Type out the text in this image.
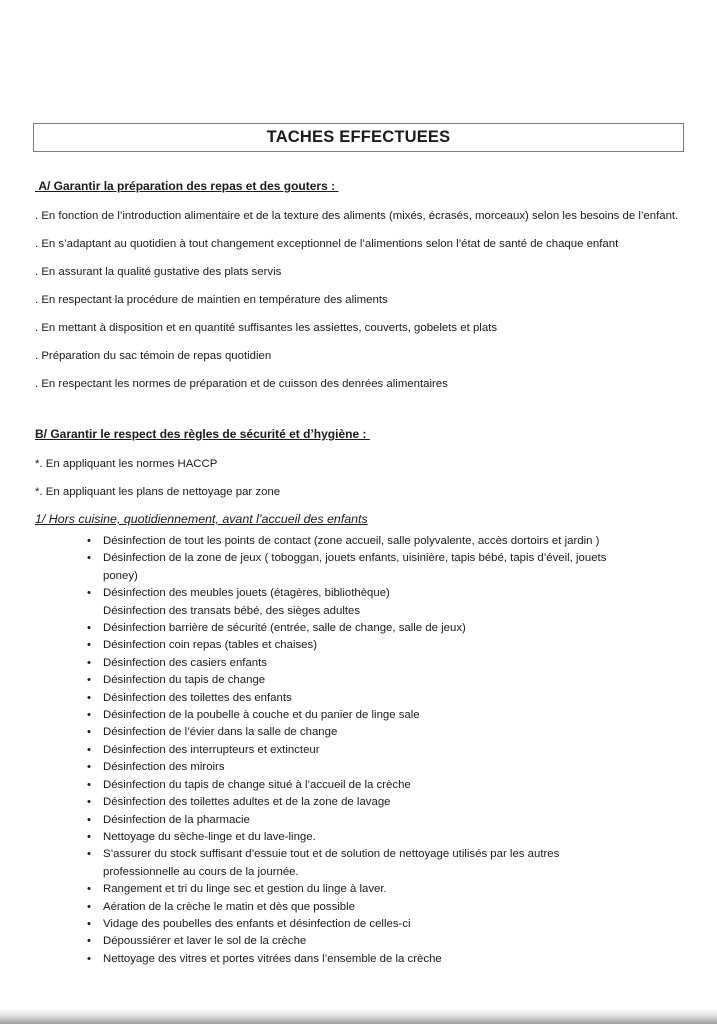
TACHES EFFECTUEES
A/ Garantir la préparation des repas et des gouters :

. En fonction de l’introduction alimentaire et de la texture des aliments (mixés, écrasés, morceaux) selon les besoins de l’enfant.

. En s’adaptant au quotidien à tout changement exceptionnel de l’alimentions selon l’état de santé de chaque enfant

. En assurant la qualité gustative des plats servis

. En respectant la procédure de maintien en température des aliments

. En mettant à disposition et en quantité suffisantes les assiettes, couverts, gobelets et plats

. Préparation du sac témoin de repas quotidien

. En respectant les normes de préparation et de cuisson des denrées alimentaires

B/ Garantir le respect des règles de sécurité et d’hygiène :

*. En appliquant les normes HACCP

*. En appliquant les plans de nettoyage par zone

1/ Hors cuisine, quotidiennement, avant l’accueil des enfants
•	Désinfection de tout les points de contact (zone accueil, salle polyvalente, accès dortoirs et jardin )
•	Désinfection de la zone de jeux ( toboggan, jouets enfants, uisinière, tapis bébé, tapis d’éveil, jouets
poney)
•	Désinfection des meubles jouets (étagères, bibliothèque)
Désinfection des transats bébé, des sièges adultes
•	Désinfection barrière de sécurité (entrée, salle de change, salle de jeux)
•	Désinfection coin repas (tables et chaises)
•	Désinfection des casiers enfants
•	Désinfection du tapis de change
•	Désinfection des toilettes des enfants
•	Désinfection de la poubelle à couche et du panier de linge sale
•	Désinfection de l’évier dans la salle de change
•	Désinfection des interrupteurs et extincteur
•	Désinfection des miroirs
•	Désinfection du tapis de change situé à l’accueil de la crèche
•	Désinfection des toilettes adultes et de la zone de lavage
•	Désinfection de la pharmacie
•	Nettoyage du sèche-linge et du lave-linge.
•	S’assurer du stock suffisant d’essuie tout et de solution de nettoyage utilisés par les autres
professionnelle au cours de la journée.
•	Rangement et tri du linge sec et gestion du linge à laver.
•	Aération de la crèche le matin et dès que possible
•	Vidage des poubelles des enfants et désinfection de celles-ci
•	Dépoussiérer et laver le sol de la crèche
•	Nettoyage des vitres et portes vitrées dans l’ensemble de la crèche
